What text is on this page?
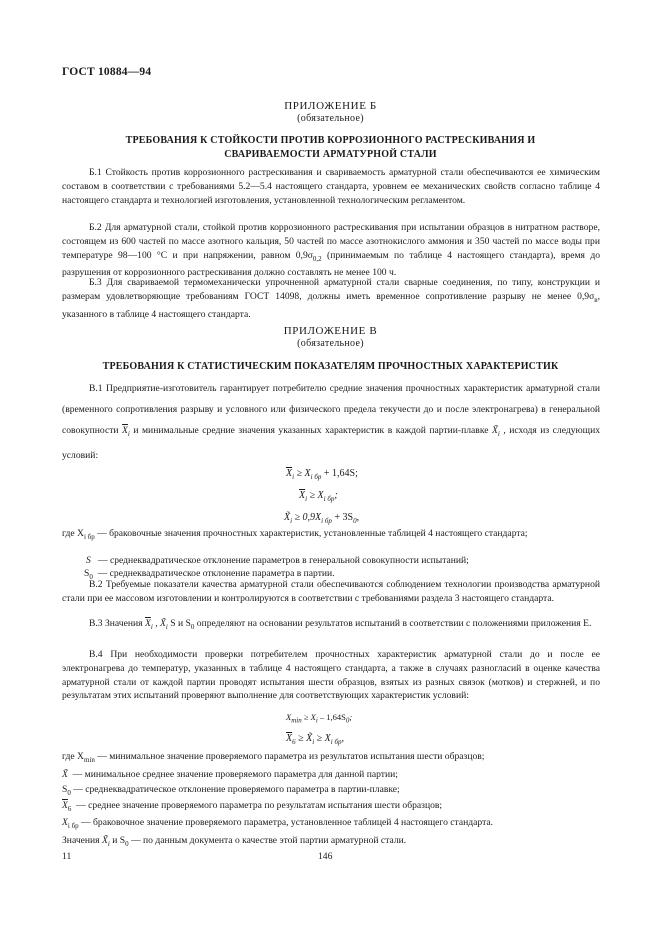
ГОСТ 10884—94
ПРИЛОЖЕНИЕ Б
(обязательное)
ТРЕБОВАНИЯ К СТОЙКОСТИ ПРОТИВ КОРРОЗИОННОГО РАСТРЕСКИВАНИЯ И
СВАРИВАЕМОСТИ АРМАТУРНОЙ СТАЛИ
Б.1 Стойкость против коррозионного растрескивания и свариваемость арматурной стали обеспечиваются ее химическим составом в соответствии с требованиями 5.2—5.4 настоящего стандарта, уровнем ее механических свойств согласно таблице 4 настоящего стандарта и технологией изготовления, установленной технологическим регламентом.
Б.2 Для арматурной стали, стойкой против коррозионного растрескивания при испытании образцов в нитратном растворе, состоящем из 600 частей по массе азотного кальция, 50 частей по массе азотнокислого аммония и 350 частей по массе воды при температуре 98—100 °С и при напряжении, равном $0,9\sigma_{0,2}$ (принимаемым по таблице 4 настоящего стандарта), время до разрушения от коррозионного растрескивания должно составлять не менее 100 ч.
Б.3 Для свариваемой термомеханически упрочненной арматурной стали сварные соединения, по типу, конструкции и размерам удовлетворяющие требованиям ГОСТ 14098, должны иметь временное сопротивление разрыву не менее $0,9\sigma_в$, указанного в таблице 4 настоящего стандарта.
ПРИЛОЖЕНИЕ В
(обязательное)
ТРЕБОВАНИЯ К СТАТИСТИЧЕСКИМ ПОКАЗАТЕЛЯМ ПРОЧНОСТНЫХ ХАРАКТЕРИСТИК
В.1 Предприятие-изготовитель гарантирует потребителю средние значения прочностных характеристик арматурной стали (временного сопротивления разрыву и условного или физического предела текучести до и после электронагрева) в генеральной совокупности $\overline{X}_i$ и минимальные средние значения указанных характеристик в каждой партии-плавке $X̃_i$ , исходя из следующих условий:
$\overline{X}_i \ge X_{i бр} + 1,64S$;
$\overline{X}_i \ge X_{i бр}$;
$X̃_i \ge 0,9X_{i бр} + 3S_0$,
где $X_{i бр}$ — браковочные значения прочностных характеристик, установленные таблицей 4 настоящего стандарта;
S — среднеквадратическое отклонение параметров в генеральной совокупности испытаний;
$S_0$ — среднеквадратическое отклонение параметра в партии.
В.2 Требуемые показатели качества арматурной стали обеспечиваются соблюдением технологии производства арматурной стали при ее массовом изготовлении и контролируются в соответствии с требованиями раздела 3 настоящего стандарта.
В.3 Значения $\overline{X}_i$ , $X̃_i$ S и $S_0$ определяют на основании результатов испытаний в соответствии с положениями приложения Е.
В.4 При необходимости проверки потребителем прочностных характеристик арматурной стали до и после ее электронагрева до температур, указанных в таблице 4 настоящего стандарта, а также в случаях разногласий в оценке качества арматурной стали от каждой партии проводят испытания шести образцов, взятых из разных связок (мотков) и стержней, и по результатам этих испытаний проверяют выполнение для соответствующих характеристик условий:
$X_{min} \ge X_i - 1,64S_0$;
$\overline{X}_6 \ge X_i \ge X_{i бр}$,
где $X_{min}$ — минимальное значение проверяемого параметра из результатов испытания шести образцов;
X̃ — минимальное среднее значение проверяемого параметра для данной партии;
$S_0$ — среднеквадратическое отклонение проверяемого параметра в партии-плавке;
$\overline{X}_6$ — среднее значение проверяемого параметра по результатам испытания шести образцов;
$X_{i бр}$ — браковочное значение проверяемого параметра, установленное таблицей 4 настоящего стандарта.
Значения $X̃_i$ и $S_0$ — по данным документа о качестве этой партии арматурной стали.
11	146
